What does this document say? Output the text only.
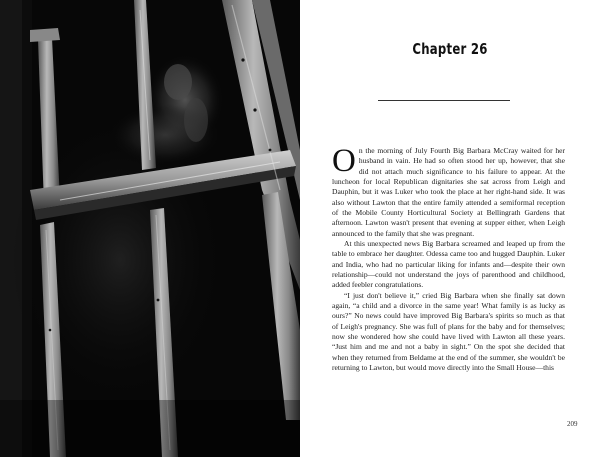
Chapter 26

On the morning of July Fourth Big Barbara McCray waited for her husband in vain. He had so often stood her up, however, that she did not attach much significance to his failure to appear. At the luncheon for local Republican dignitaries she sat across from Leigh and Dauphin, but it was Luker who took the place at her right-hand side. It was also without Lawton that the entire family attended a semiformal reception of the Mobile County Horticultural Society at Bellingrath Gardens that afternoon. Lawton wasn't present that evening at supper either, when Leigh announced to the family that she was pregnant.

At this unexpected news Big Barbara screamed and leaped up from the table to embrace her daughter. Odessa came too and hugged Dauphin. Luker and India, who had no particular liking for infants and—despite their own relationship—could not understand the joys of parenthood and childhood, added feebler congratulations.

“I just don't believe it,” cried Big Barbara when she finally sat down again, “a child and a divorce in the same year! What family is as lucky as ours?” No news could have improved Big Barbara's spirits so much as that of Leigh's pregnancy. She was full of plans for the baby and for themselves; now she wondered how she could have lived with Lawton all these years. “Just him and me and not a baby in sight.” On the spot she decided that when they returned from Beldame at the end of the summer, she wouldn't be returning to Lawton, but would move directly into the Small House—this

209
